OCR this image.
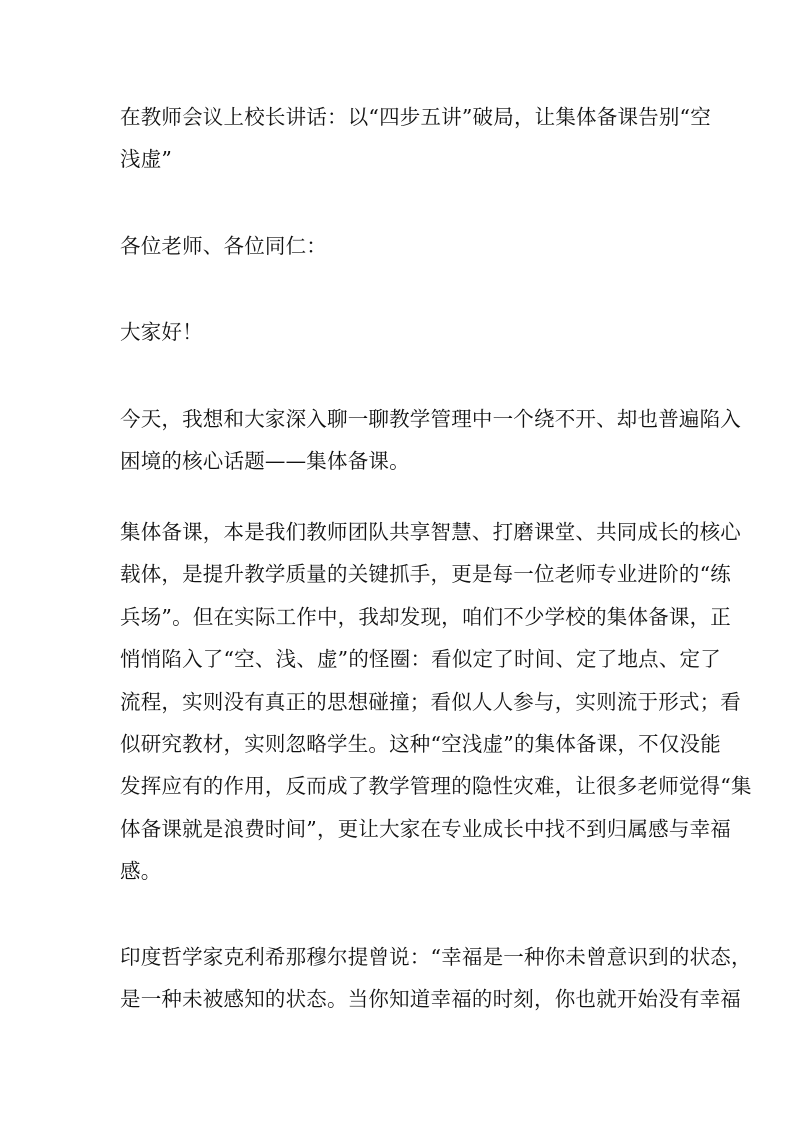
在教师会议上校长讲话：以“四步五讲”破局，让集体备课告别“空
浅虚”
各位老师、各位同仁：
大家好！
今天，我想和大家深入聊一聊教学管理中一个绕不开、却也普遍陷入
困境的核心话题——集体备课。
集体备课，本是我们教师团队共享智慧、打磨课堂、共同成长的核心
载体，是提升教学质量的关键抓手，更是每一位老师专业进阶的“练
兵场”。但在实际工作中，我却发现，咱们不少学校的集体备课，正
悄悄陷入了“空、浅、虚”的怪圈：看似定了时间、定了地点、定了
流程，实则没有真正的思想碰撞；看似人人参与，实则流于形式；看
似研究教材，实则忽略学生。这种“空浅虚”的集体备课，不仅没能
发挥应有的作用，反而成了教学管理的隐性灾难，让很多老师觉得“集
体备课就是浪费时间”，更让大家在专业成长中找不到归属感与幸福
感。
印度哲学家克利希那穆尔提曾说：“幸福是一种你未曾意识到的状态，
是一种未被感知的状态。当你知道幸福的时刻，你也就开始没有幸福
